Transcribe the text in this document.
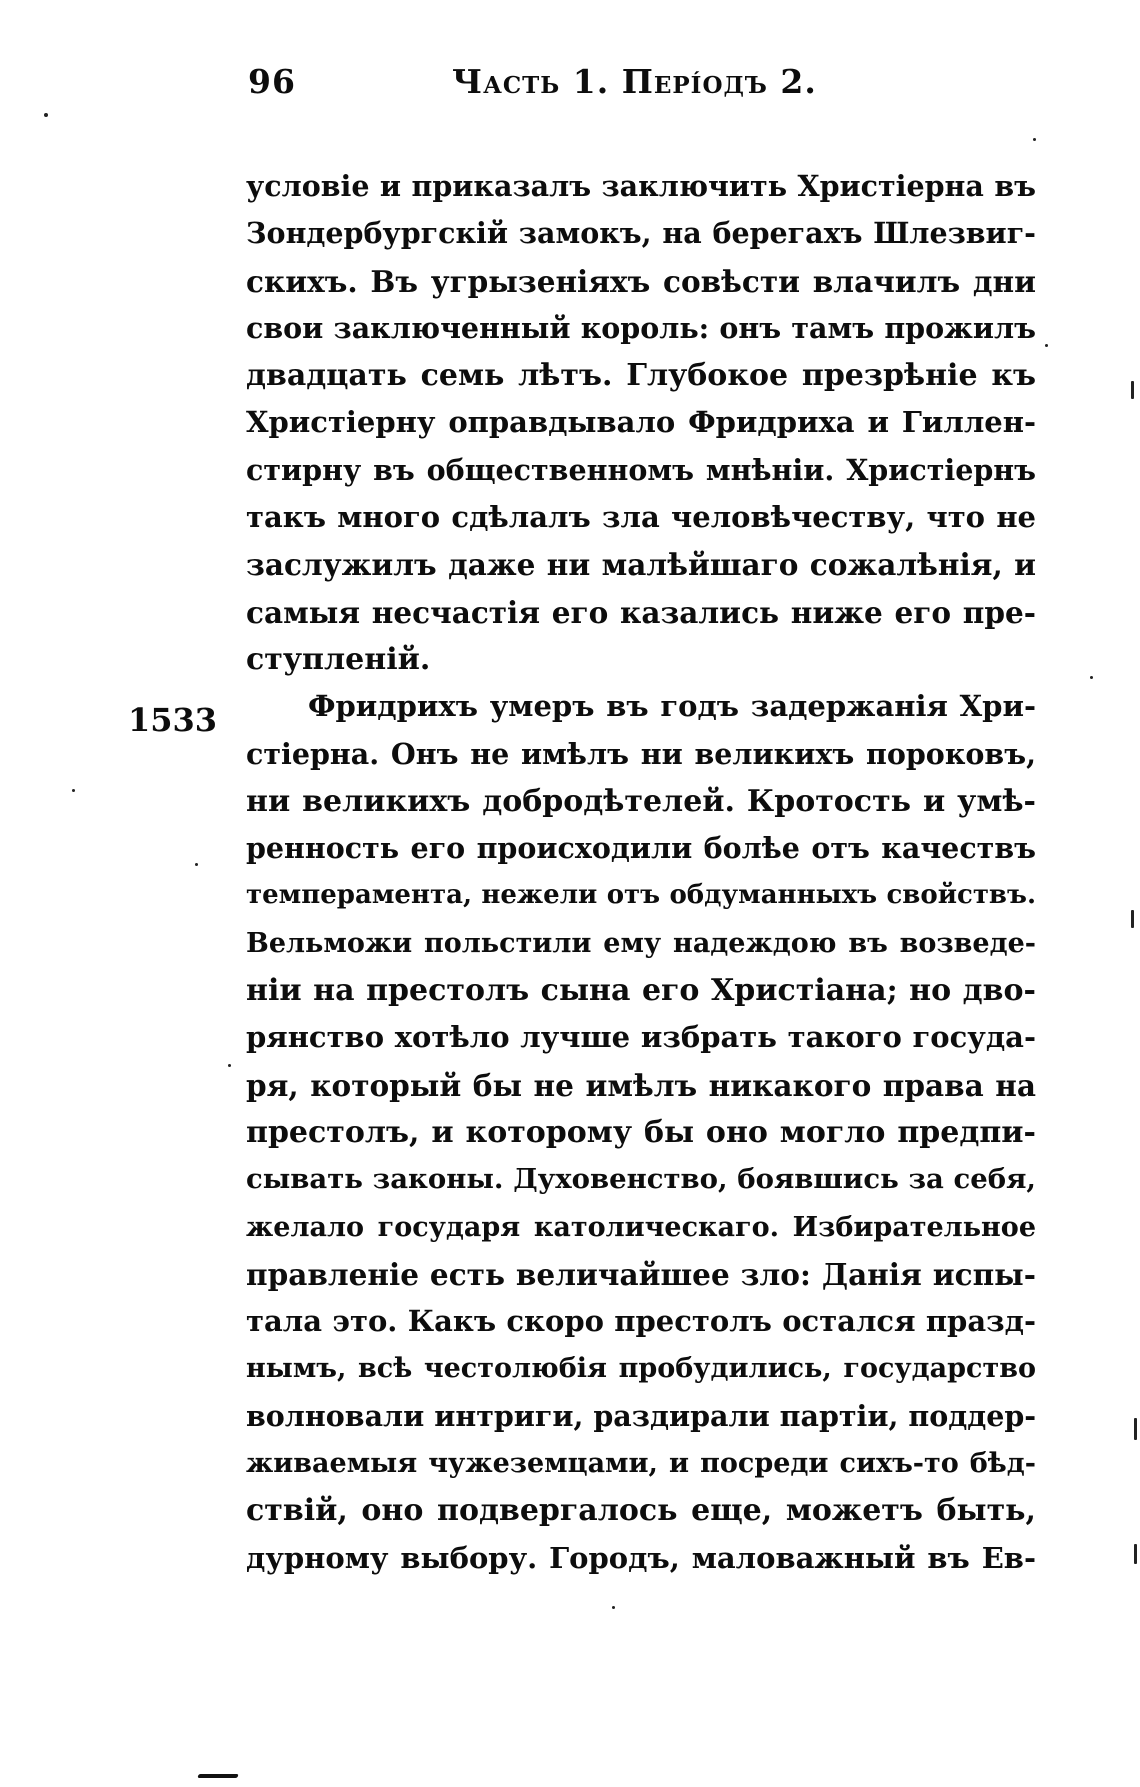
96	Часть 1. Перíодъ 2.
1533
условіе и приказалъ заключить Христіерна въ
Зондербургскій замокъ, на берегахъ Шлезвиг-
скихъ. Въ угрызеніяхъ совѣсти влачилъ дни
свои заключенный король: онъ тамъ прожилъ
двадцать семь лѣтъ. Глубокое презрѣніе къ
Христіерну оправдывало Фридриха и Гиллен-
стирну въ общественномъ мнѣніи. Христіернъ
такъ много сдѣлалъ зла человѣчеству, что не
заслужилъ даже ни малѣйшаго сожалѣнія, и
самыя несчастія его казались ниже его пре-
ступленій.
Фридрихъ умеръ въ годъ задержанія Хри-
стіерна. Онъ не имѣлъ ни великихъ пороковъ,
ни великихъ добродѣтелей. Кротость и умѣ-
ренность его происходили болѣе отъ качествъ
темперамента, нежели отъ обдуманныхъ свойствъ.
Вельможи польстили ему надеждою въ возведе-
ніи на престолъ сына его Христіана; но дво-
рянство хотѣло лучше избрать такого госуда-
ря, который бы не имѣлъ никакого права на
престолъ, и которому бы оно могло предпи-
сывать законы. Духовенство, боявшись за себя,
желало государя католическаго. Избирательное
правленіе есть величайшее зло: Данія испы-
тала это. Какъ скоро престолъ остался празд-
нымъ, всѣ честолюбія пробудились, государство
волновали интриги, раздирали партіи, поддер-
живаемыя чужеземцами, и посреди сихъ-то бѣд-
ствій, оно подвергалось еще, можетъ быть,
дурному выбору. Городъ, маловажный въ Ев-
